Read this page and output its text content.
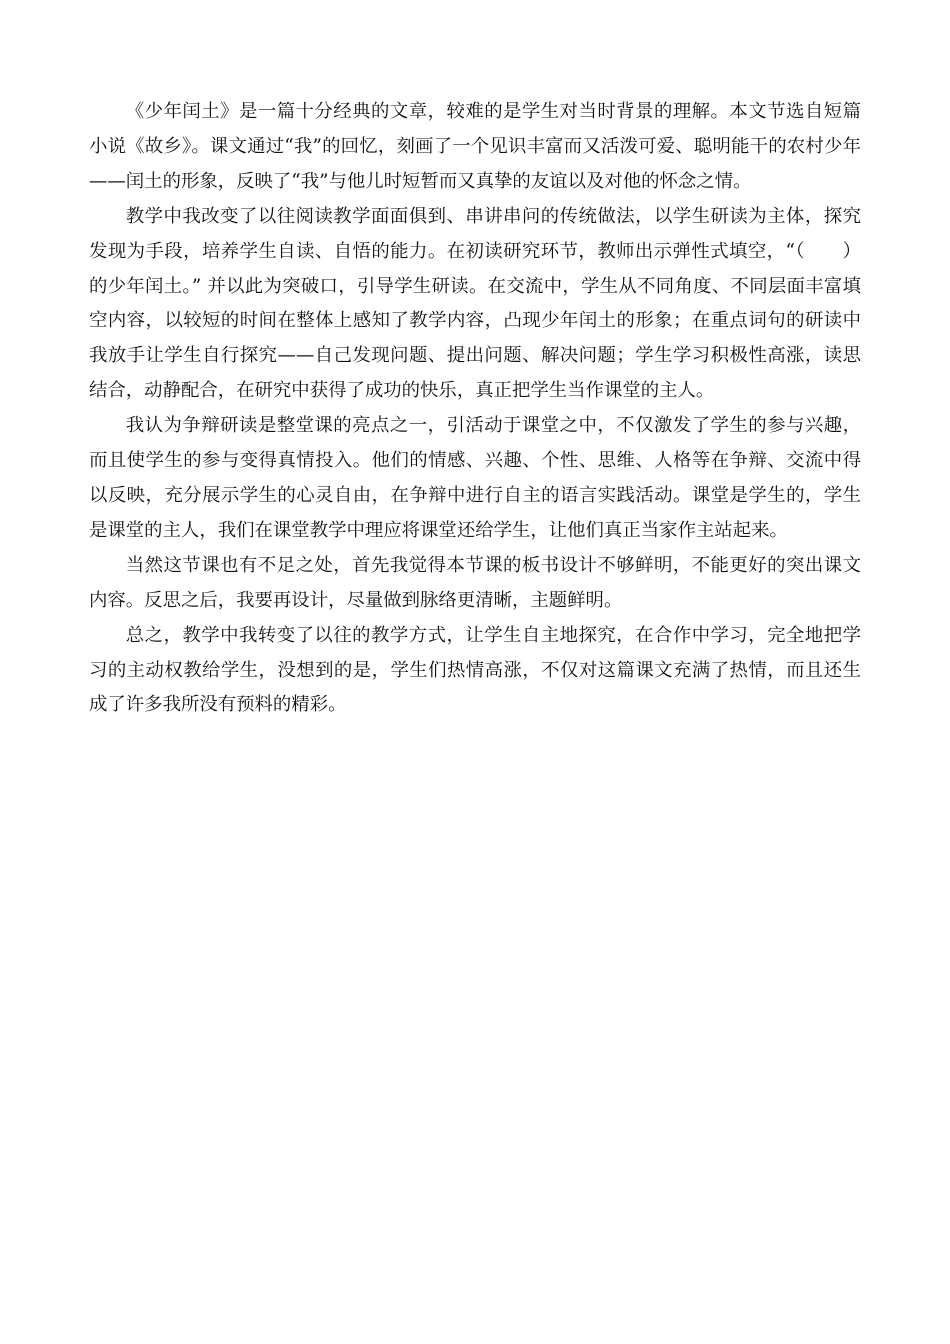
《少年闰土》是一篇十分经典的文章，较难的是学生对当时背景的理解。本文节选自短篇小说《故乡》。课文通过“我”的回忆，刻画了一个见识丰富而又活泼可爱、聪明能干的农村少年——闰土的形象，反映了“我”与他儿时短暂而又真挚的友谊以及对他的怀念之情。

教学中我改变了以往阅读教学面面俱到、串讲串问的传统做法，以学生研读为主体，探究发现为手段，培养学生自读、自悟的能力。在初读研究环节，教师出示弹性式填空，“（　　）的少年闰土。” 并以此为突破口，引导学生研读。在交流中，学生从不同角度、不同层面丰富填空内容，以较短的时间在整体上感知了教学内容，凸现少年闰土的形象；在重点词句的研读中我放手让学生自行探究——自己发现问题、提出问题、解决问题；学生学习积极性高涨，读思结合，动静配合，在研究中获得了成功的快乐，真正把学生当作课堂的主人。

我认为争辩研读是整堂课的亮点之一，引活动于课堂之中，不仅激发了学生的参与兴趣，而且使学生的参与变得真情投入。他们的情感、兴趣、个性、思维、人格等在争辩、交流中得以反映，充分展示学生的心灵自由，在争辩中进行自主的语言实践活动。课堂是学生的，学生是课堂的主人，我们在课堂教学中理应将课堂还给学生，让他们真正当家作主站起来。

当然这节课也有不足之处，首先我觉得本节课的板书设计不够鲜明，不能更好的突出课文内容。反思之后，我要再设计，尽量做到脉络更清晰，主题鲜明。

总之，教学中我转变了以往的教学方式，让学生自主地探究，在合作中学习，完全地把学习的主动权教给学生，没想到的是，学生们热情高涨，不仅对这篇课文充满了热情，而且还生成了许多我所没有预料的精彩。
